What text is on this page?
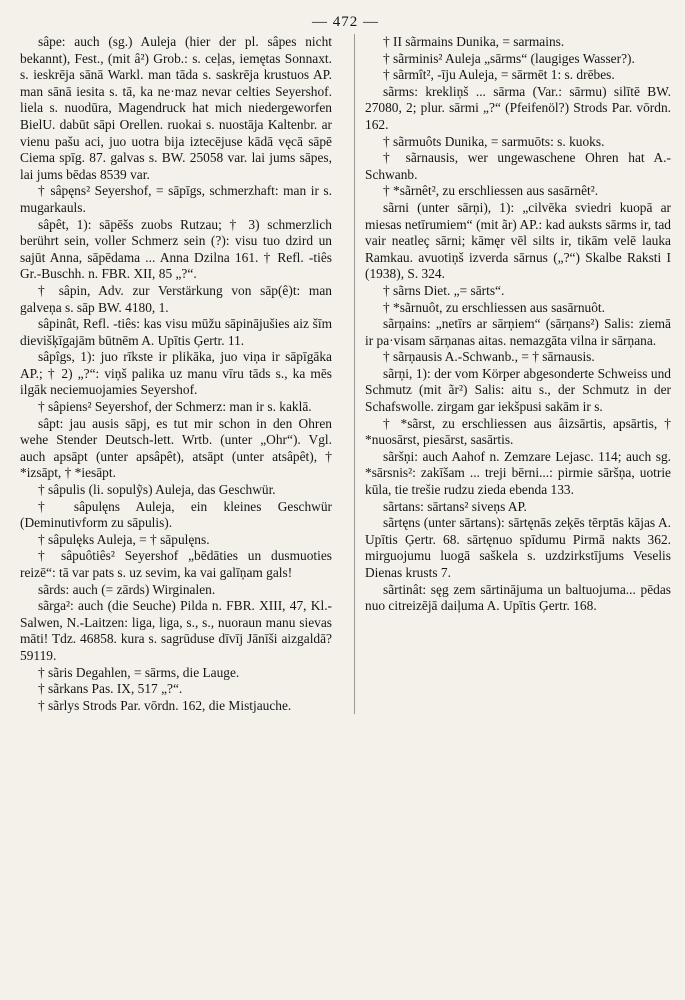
— 472 —

sâpe: auch (sg.) Auleja (hier der pl. sâpes nicht bekannt), Fest., (mit â²) Grob.: s. ceļas, iemętas Sonnaxt. s. ieskrēja sānā Warkl. man tāda s. saskrēja krustuos AP. man sānā iesita s. tā, ka ne·maz nevar celties Seyershof. liela s. nuodūra, Magendruck hat mich niedergeworfen BielU. dabūt sāpi Orellen. ruokai s. nuostāja Kaltenbr. ar vienu pašu aci, juo uotra bija iztecējuse kādā vęcā sāpē Ciema spīg. 87. galvas s. BW. 25058 var. lai jums sāpes, lai jums bēdas 8539 var.

† sâpęns² Seyershof, = sāpīgs, schmerzhaft: man ir s. mugarkauls.

sâpêt, 1): sāpēšs zuobs Rutzau; † 3) schmerzlich berührt sein, voller Schmerz sein (?): visu tuo dzird un sajūt Anna, sāpēdama ... Anna Dzilna 161. † Refl. -tiês Gr.-Buschh. n. FBR. XII, 85 „?“.

† sâpin, Adv. zur Verstärkung von sāp(ê)t: man galveņa s. sāp BW. 4180, 1.

sâpinât, Refl. -tiês: kas visu mūžu sāpinājušies aiz šīm dievišķīgajām būtnēm A. Upītis Ģertr. 11.

sâpîgs, 1): juo rīkste ir plikāka, juo viņa ir sāpīgāka AP.; † 2) „?“: viņš palika uz manu vīru tāds s., ka mēs ilgāk neciemuojamies Seyershof.

† sâpiens² Seyershof, der Schmerz: man ir s. kaklā.

sâpt: jau ausis sāpj, es tut mir schon in den Ohren wehe Stender Deutsch-lett. Wrtb. (unter „Ohr“). Vgl. auch apsāpt (unter apsâpêt), atsāpt (unter atsâpêt), † *izsāpt, † *iesāpt.

† sâpulis (li. sopulỹs) Auleja, das Geschwür.

† sâpulęns Auleja, ein kleines Geschwür (Deminutivform zu sāpulis).

† sâpulęks Auleja, = † sāpulęns.

† sâpuôtiês² Seyershof „bēdāties un dusmuoties reizē“: tā var pats s. uz sevim, ka vai galīņam gals!

sãrds: auch (= zārds) Wirginalen.

sãrga²: auch (die Seuche) Pilda n. FBR. XIII, 47, Kl.-Salwen, N.-Laitzen: liga, liga, s., s., nuoraun manu sievas māti! Tdz. 46858. kura s. sagrūduse dīvīj Jānīši aizgaldā? 59119.

† sãris Degahlen, = sārms, die Lauge.

† sãrkans Pas. IX, 517 „?“.

† sãrlys Strods Par. vōrdn. 162, die Mistjauche.

† II sãrmains Dunika, = sarmains.

† sãrminis² Auleja „sārms“ (laugiges Wasser?).

† sãrmît², -īju Auleja, = sārmēt 1: s. drēbes.

sãrms: krekliņš ... sārma (Var.: sārmu) silītē BW. 27080, 2; plur. sārmi „?“ (Pfeifenöl?) Strods Par. vōrdn. 162.

† sãrmuôts Dunika, = sarmuōts: s. kuoks.

† sãrnausis, wer ungewaschene Ohren hat A.-Schwanb.

† *sãrnêt², zu erschliessen aus sasārnêt².

sãrni (unter sārņi), 1): „cilvēka sviedri kuopā ar miesas netīrumiem“ (mit ãr) AP.: kad auksts sārms ir, tad vair neatleç sārni; kāmęr vēl silts ir, tikām velē lauka Ramkau. avuotiņš izverda sārnus („?“) Skalbe Raksti I (1938), S. 324.

† sãrns Diet. „= sārts“.

† *sãrnuôt, zu erschliessen aus sasārnuôt.

sãrņains: „netīrs ar sārņiem“ (sārņans²) Salis: ziemā ir pa·visam sārņanas aitas. nemazgāta vilna ir sārņana.

† sãrņausis A.-Schwanb., = † sārnausis.

sãrņi, 1): der vom Körper abgesonderte Schweiss und Schmutz (mit ãr²) Salis: aitu s., der Schmutz in der Schafswolle. zirgam gar iekšpusi sakām ir s.

† *sãrst, zu erschliessen aus âizsārtis, apsārtis, † *nuosārst, piesārst, sasārtis.

sãršņi: auch Aahof n. Zemzare Lejasc. 114; auch sg. *sārsnis²: zakīšam ... treji bērni...: pirmie sāršņa, uotrie kūla, tie trešie rudzu zieda ebenda 133.

sãrtans: sārtans² siveņs AP.

sãrtęns (unter sārtans): sārtęnās zeķēs tērptās kājas A. Upītis Ģertr. 68. sārtęnuo spīdumu Pirmā nakts 362. mirguojumu luogā saškela s. uzdzirkstījums Veselis Dienas krusts 7.

sãrtinât: sęg zem sārtinājuma un baltuojuma... pēdas nuo citreizējā daiļuma A. Upītis Ģertr. 168.
